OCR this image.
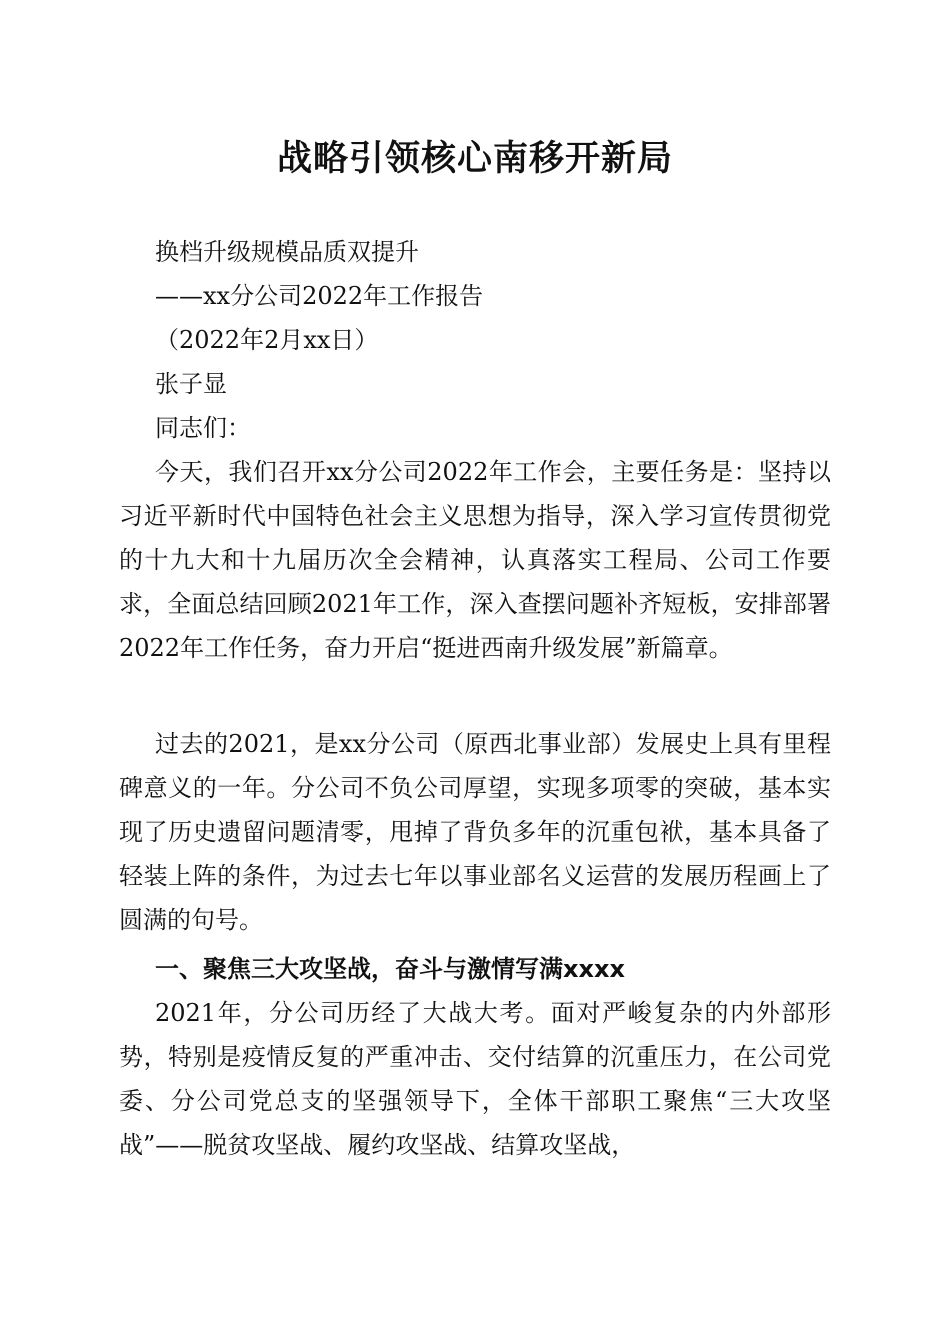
战略引领核心南移开新局
换档升级规模品质双提升
——xx分公司2022年工作报告
（2022年2月xx日）
张子显
同志们：
今天，我们召开xx分公司2022年工作会，主要任务是：坚持以习近平新时代中国特色社会主义思想为指导，深入学习宣传贯彻党的十九大和十九届历次全会精神，认真落实工程局、公司工作要求，全面总结回顾2021年工作，深入查摆问题补齐短板，安排部署2022年工作任务，奋力开启“挺进西南升级发展”新篇章。
过去的2021，是xx分公司（原西北事业部）发展史上具有里程碑意义的一年。分公司不负公司厚望，实现多项零的突破，基本实现了历史遗留问题清零，甩掉了背负多年的沉重包袱，基本具备了轻装上阵的条件，为过去七年以事业部名义运营的发展历程画上了圆满的句号。
一、聚焦三大攻坚战，奋斗与激情写满xxxx
2021年，分公司历经了大战大考。面对严峻复杂的内外部形势，特别是疫情反复的严重冲击、交付结算的沉重压力，在公司党委、分公司党总支的坚强领导下，全体干部职工聚焦“三大攻坚战”——脱贫攻坚战、履约攻坚战、结算攻坚战，
